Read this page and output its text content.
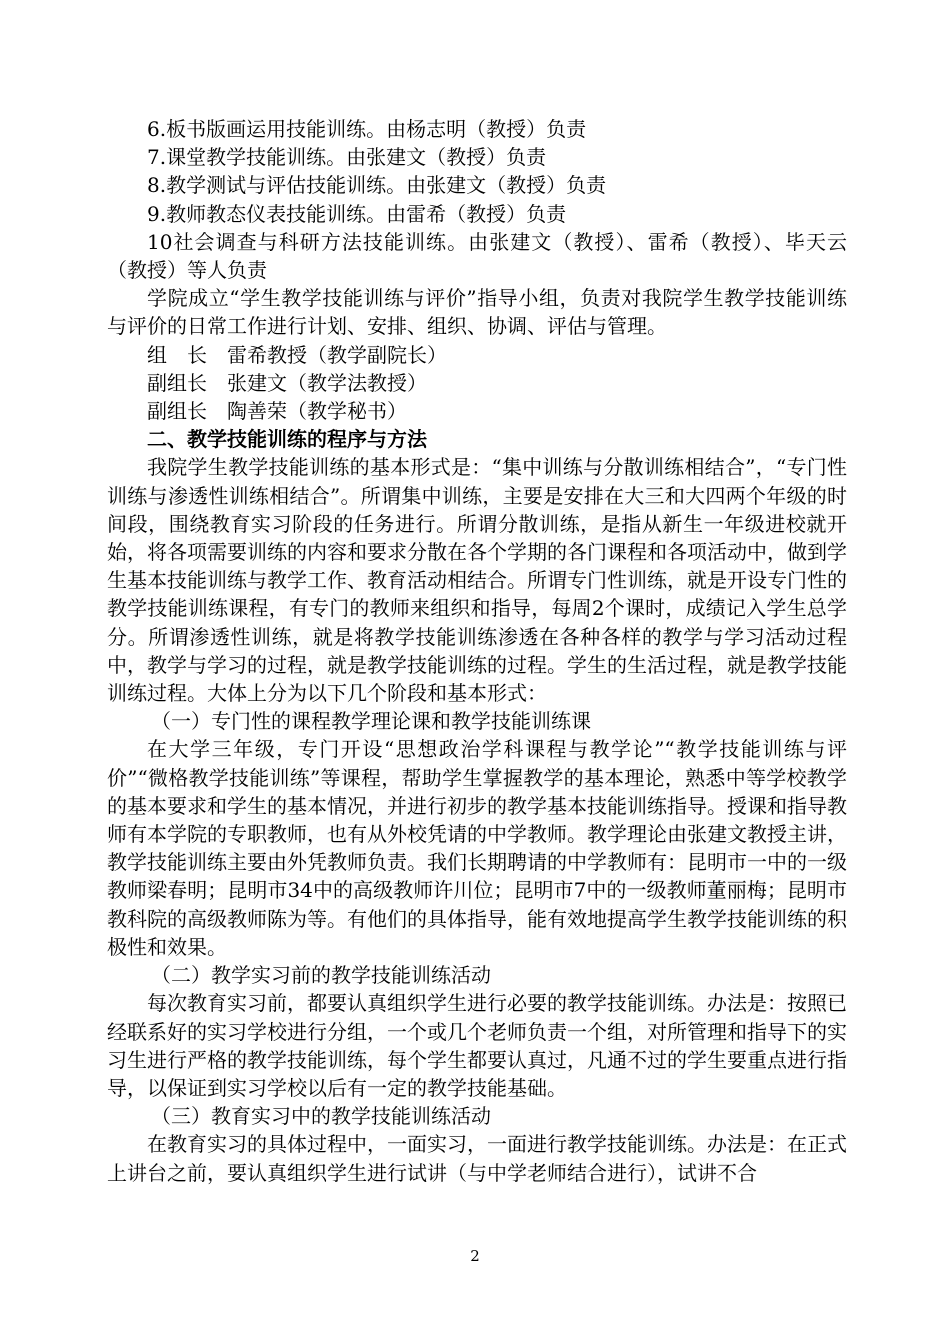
6.板书版画运用技能训练。由杨志明（教授）负责

7.课堂教学技能训练。由张建文（教授）负责

8.教学测试与评估技能训练。由张建文（教授）负责

9.教师教态仪表技能训练。由雷希（教授）负责

10社会调查与科研方法技能训练。由张建文（教授）、雷希（教授）、毕天云（教授）等人负责

学院成立“学生教学技能训练与评价”指导小组，负责对我院学生教学技能训练与评价的日常工作进行计划、安排、组织、协调、评估与管理。

组　长　雷希教授（教学副院长）

副组长　张建文（教学法教授）

副组长　陶善荣（教学秘书）

二、教学技能训练的程序与方法

我院学生教学技能训练的基本形式是：“集中训练与分散训练相结合”，“专门性训练与渗透性训练相结合”。所谓集中训练，主要是安排在大三和大四两个年级的时间段，围绕教育实习阶段的任务进行。所谓分散训练，是指从新生一年级进校就开始，将各项需要训练的内容和要求分散在各个学期的各门课程和各项活动中，做到学生基本技能训练与教学工作、教育活动相结合。所谓专门性训练，就是开设专门性的教学技能训练课程，有专门的教师来组织和指导，每周2个课时，成绩记入学生总学分。所谓渗透性训练，就是将教学技能训练渗透在各种各样的教学与学习活动过程中，教学与学习的过程，就是教学技能训练的过程。学生的生活过程，就是教学技能训练过程。大体上分为以下几个阶段和基本形式：

（一）专门性的课程教学理论课和教学技能训练课

在大学三年级，专门开设“思想政治学科课程与教学论”“教学技能训练与评价”“微格教学技能训练”等课程，帮助学生掌握教学的基本理论，熟悉中等学校教学的基本要求和学生的基本情况，并进行初步的教学基本技能训练指导。授课和指导教师有本学院的专职教师，也有从外校凭请的中学教师。教学理论由张建文教授主讲，教学技能训练主要由外凭教师负责。我们长期聘请的中学教师有：昆明市一中的一级教师梁春明；昆明市34中的高级教师许川位；昆明市7中的一级教师董丽梅；昆明市教科院的高级教师陈为等。有他们的具体指导，能有效地提高学生教学技能训练的积极性和效果。

（二）教学实习前的教学技能训练活动

每次教育实习前，都要认真组织学生进行必要的教学技能训练。办法是：按照已经联系好的实习学校进行分组，一个或几个老师负责一个组，对所管理和指导下的实习生进行严格的教学技能训练，每个学生都要认真过，凡通不过的学生要重点进行指导，以保证到实习学校以后有一定的教学技能基础。

（三）教育实习中的教学技能训练活动

在教育实习的具体过程中，一面实习，一面进行教学技能训练。办法是：在正式上讲台之前，要认真组织学生进行试讲（与中学老师结合进行），试讲不合

2
